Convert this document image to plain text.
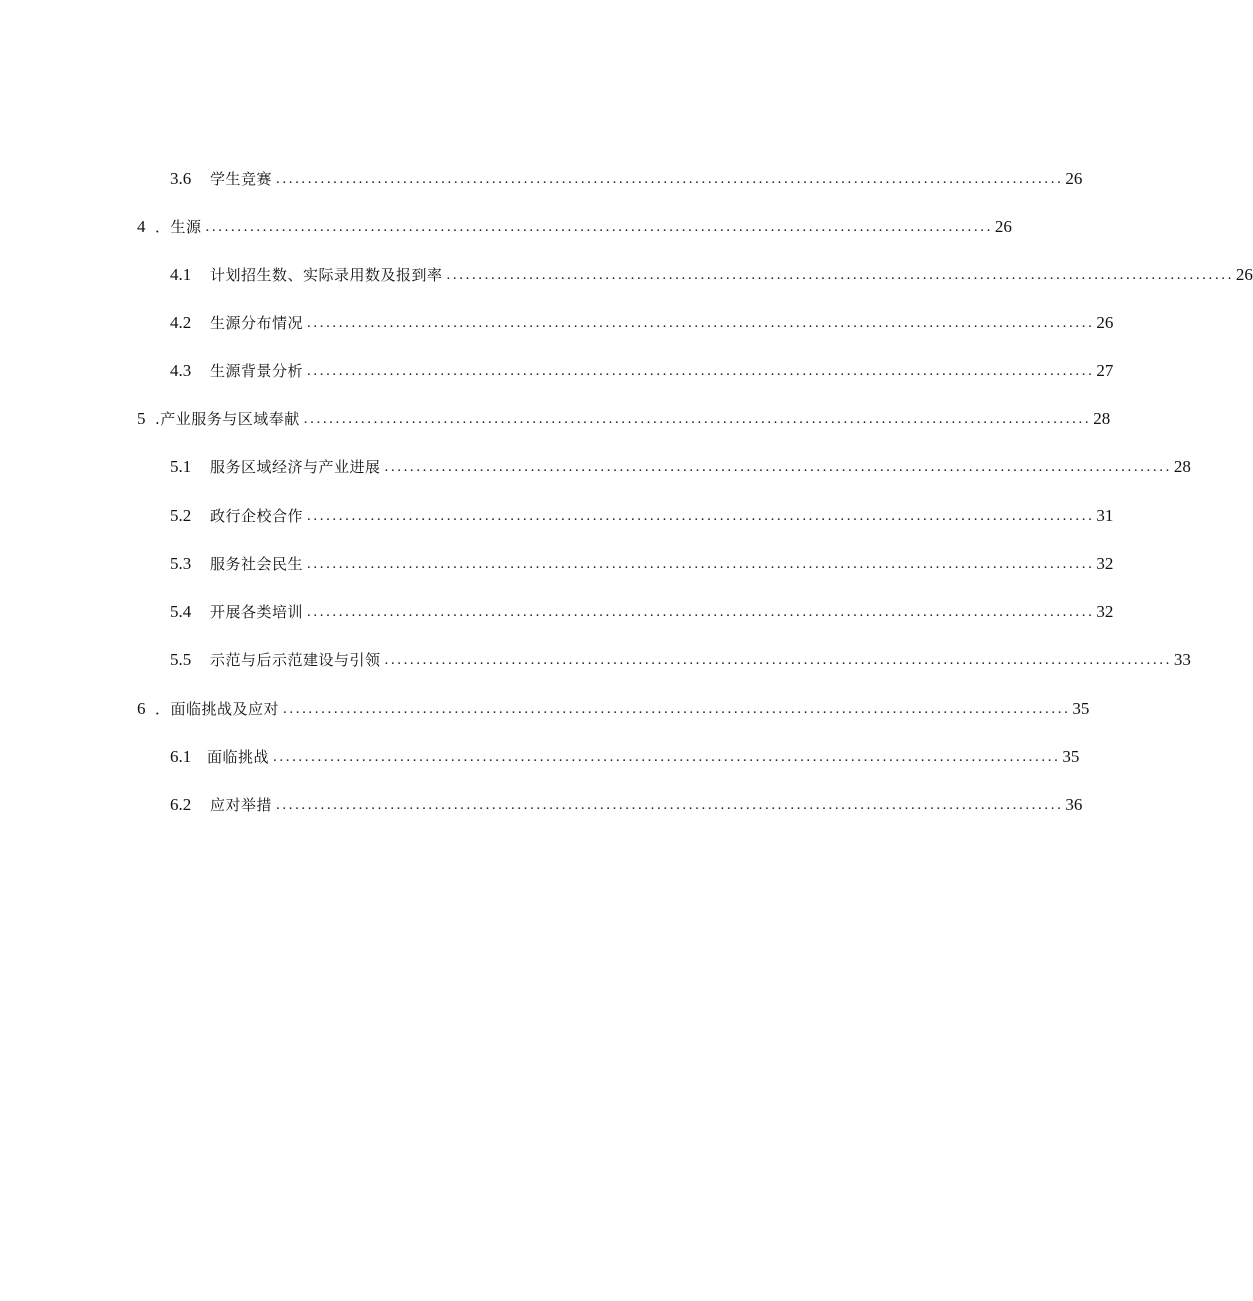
3.6	学生竞赛 ............................................................................................................................ 26
4 ．生源 ............................................................................................................................ 26
4.1	计划招生数、实际录用数及报到率 ............................................................................................................................ 26
4.2	生源分布情况 ............................................................................................................................ 26
4.3	生源背景分析 ............................................................................................................................ 27
5 .产业服务与区域奉献 ............................................................................................................................ 28
5.1	服务区域经济与产业进展 ............................................................................................................................ 28
5.2	政行企校合作 ............................................................................................................................ 31
5.3	服务社会民生 ............................................................................................................................ 32
5.4	开展各类培训 ............................................................................................................................ 32
5.5	示范与后示范建设与引领 ............................................................................................................................ 33
6 ．面临挑战及应对 ............................................................................................................................ 35
6.1	面临挑战 ............................................................................................................................ 35
6.2	应对举措 ............................................................................................................................ 36
